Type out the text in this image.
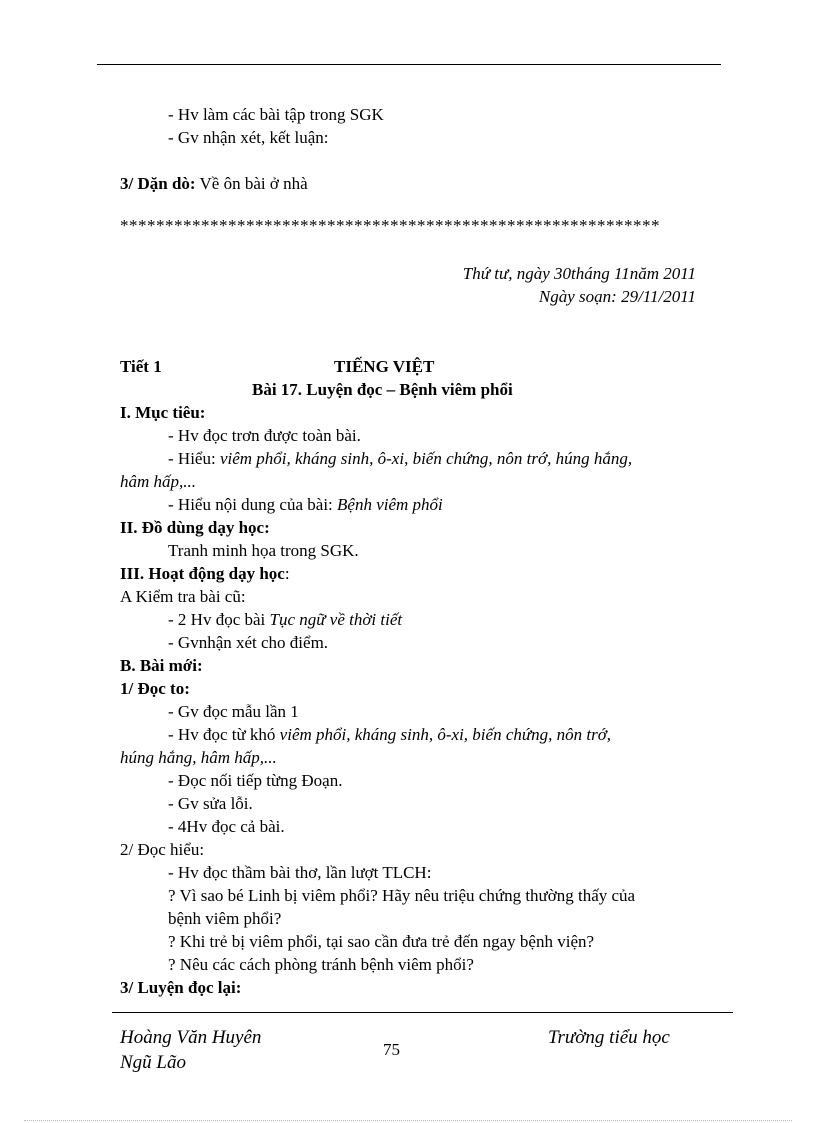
- Hv làm các bài tập trong SGK
- Gv nhận xét, kết luận:
3/ Dặn dò: Về ôn bài ở nhà
************************************************************
Thứ tư, ngày 30tháng 11năm 2011
Ngày soạn: 29/11/2011
Tiết 1	TIẾNG VIỆT
Bài 17. Luyện đọc – Bệnh viêm phổi
I. Mục tiêu:
- Hv đọc trơn được toàn bài.
- Hiểu: viêm phổi, kháng sinh, ô-xi, biến chứng, nôn trớ, húng hắng,
hâm hấp,...
- Hiểu nội dung của bài: Bệnh viêm phổi
II. Đồ dùng dạy học:
Tranh minh họa trong SGK.
III. Hoạt động dạy học:
A Kiểm tra bài cũ:
- 2 Hv đọc bài Tục ngữ về thời tiết
- Gvnhận xét cho điểm.
B. Bài mới:
1/ Đọc to:
- Gv đọc mẫu lần 1
- Hv đọc từ khó viêm phổi, kháng sinh, ô-xi, biến chứng, nôn trớ,
húng hắng, hâm hấp,...
- Đọc nối tiếp từng Đoạn.
- Gv sửa lỗi.
- 4Hv đọc cả bài.
2/ Đọc hiểu:
- Hv đọc thầm bài thơ, lần lượt TLCH:
? Vì sao bé Linh bị viêm phổi? Hãy nêu triệu chứng thường thấy của
bệnh viêm phổi?
? Khi trẻ bị viêm phổi, tại sao cần đưa trẻ đến ngay bệnh viện?
? Nêu các cách phòng tránh bệnh viêm phổi?
3/ Luyện đọc lại:
Hoàng Văn Huyên
Ngũ Lão
75
Trường tiểu học
